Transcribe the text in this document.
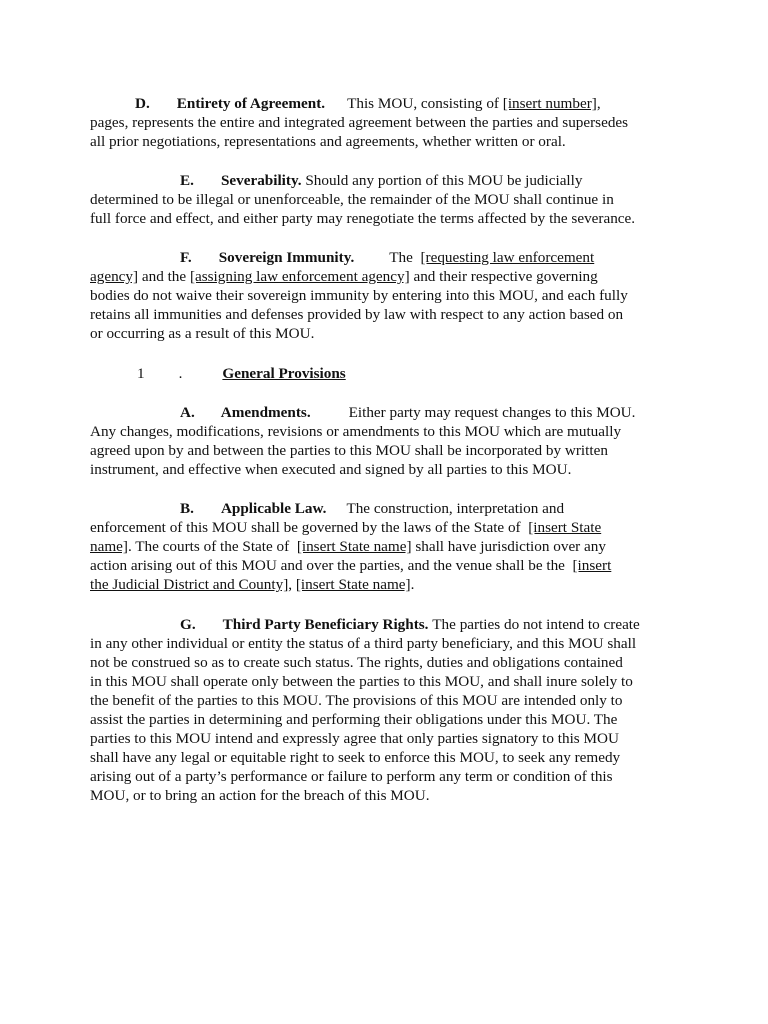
D. Entirety of Agreement. This MOU, consisting of [insert number],
pages, represents the entire and integrated agreement between the parties and supersedes
all prior negotiations, representations and agreements, whether written or oral.
E. Severability. Should any portion of this MOU be judicially
determined to be illegal or unenforceable, the remainder of the MOU shall continue in
full force and effect, and either party may renegotiate the terms affected by the severance.
F. Sovereign Immunity. The [requesting law enforcement
agency] and the [assigning law enforcement agency] and their respective governing
bodies do not waive their sovereign immunity by entering into this MOU, and each fully
retains all immunities and defenses provided by law with respect to any action based on
or occurring as a result of this MOU.
1 .	General Provisions
A. Amendments.	Either party may request changes to this MOU.
Any changes, modifications, revisions or amendments to this MOU which are mutually
agreed upon by and between the parties to this MOU shall be incorporated by written
instrument, and effective when executed and signed by all parties to this MOU.
B. Applicable Law. The construction, interpretation and
enforcement of this MOU shall be governed by the laws of the State of [insert State
name]. The courts of the State of [insert State name] shall have jurisdiction over any
action arising out of this MOU and over the parties, and the venue shall be the [insert
the Judicial District and County], [insert State name].
G. Third Party Beneficiary Rights. The parties do not intend to create
in any other individual or entity the status of a third party beneficiary, and this MOU shall
not be construed so as to create such status. The rights, duties and obligations contained
in this MOU shall operate only between the parties to this MOU, and shall inure solely to
the benefit of the parties to this MOU. The provisions of this MOU are intended only to
assist the parties in determining and performing their obligations under this MOU. The
parties to this MOU intend and expressly agree that only parties signatory to this MOU
shall have any legal or equitable right to seek to enforce this MOU, to seek any remedy
arising out of a party’s performance or failure to perform any term or condition of this
MOU, or to bring an action for the breach of this MOU.
